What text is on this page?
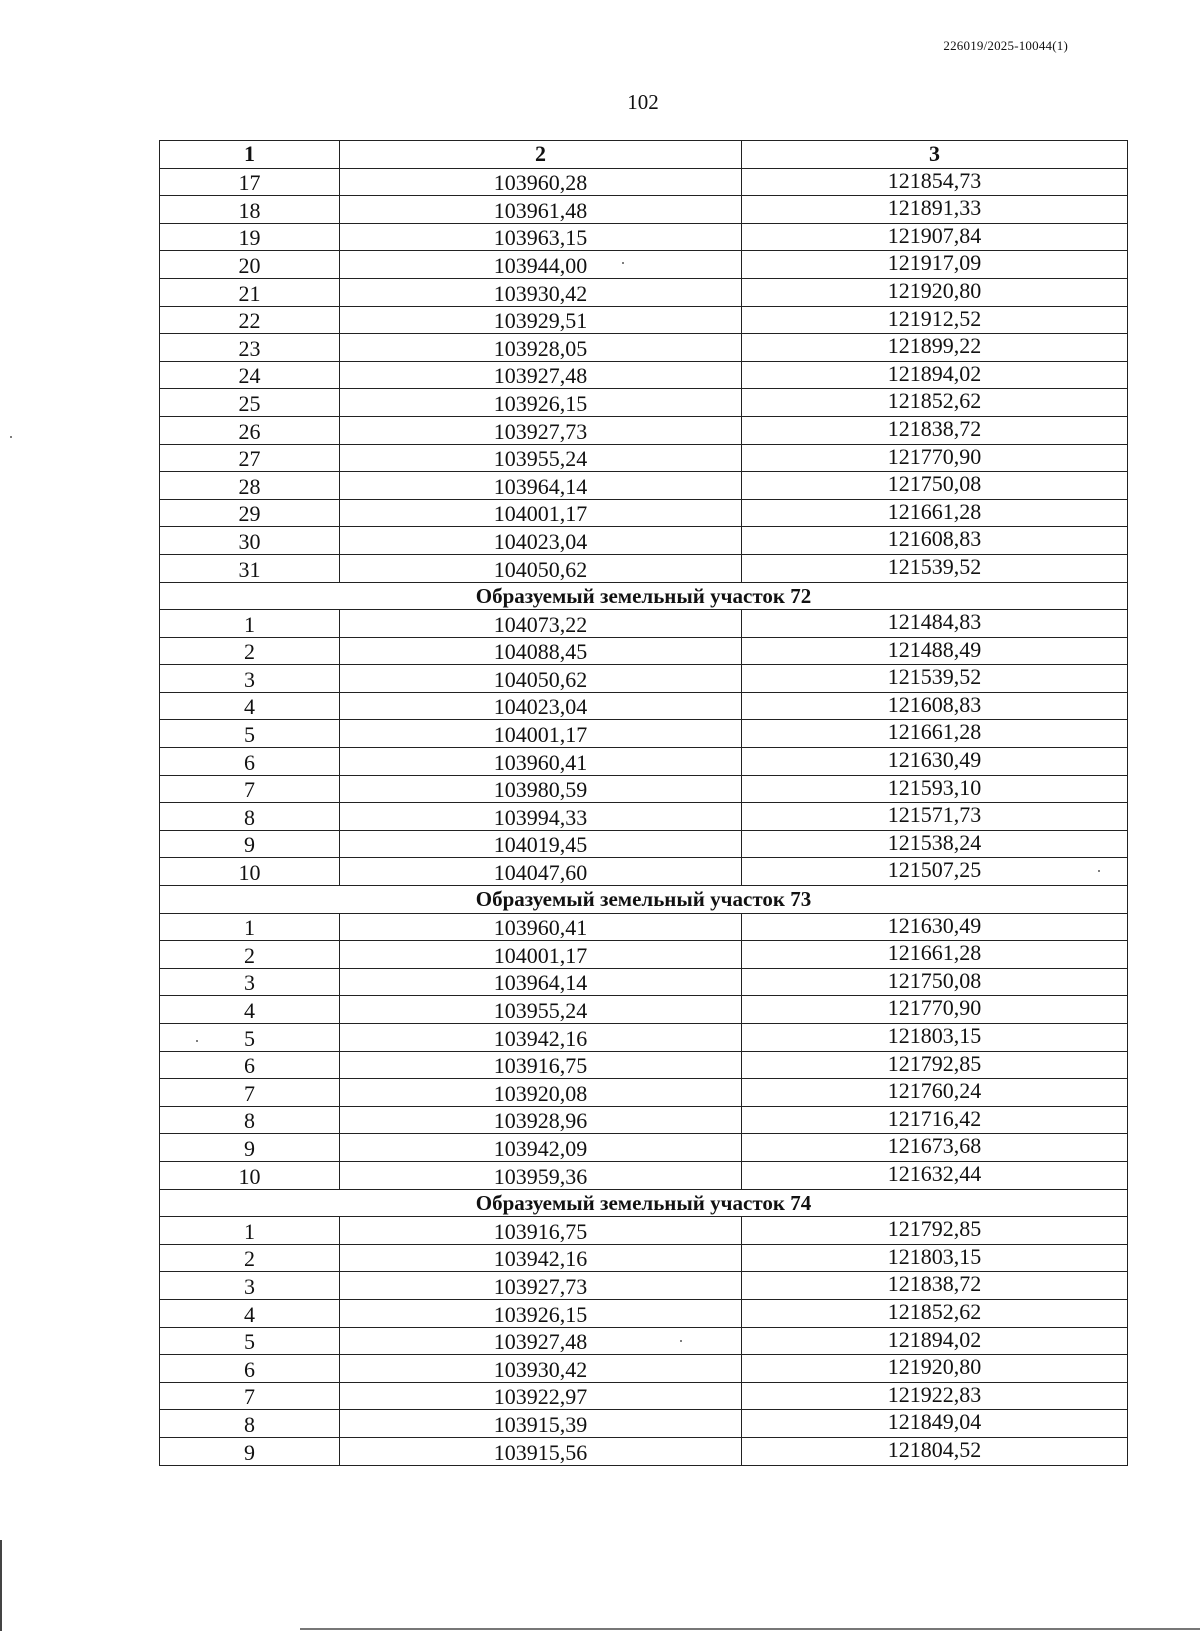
226019/2025-10044(1)
102
1	2	3
17	103960,28	121854,73
18	103961,48	121891,33
19	103963,15	121907,84
20	103944,00	121917,09
21	103930,42	121920,80
22	103929,51	121912,52
23	103928,05	121899,22
24	103927,48	121894,02
25	103926,15	121852,62
26	103927,73	121838,72
27	103955,24	121770,90
28	103964,14	121750,08
29	104001,17	121661,28
30	104023,04	121608,83
31	104050,62	121539,52
Образуемый земельный участок 72		
1	104073,22	121484,83
2	104088,45	121488,49
3	104050,62	121539,52
4	104023,04	121608,83
5	104001,17	121661,28
6	103960,41	121630,49
7	103980,59	121593,10
8	103994,33	121571,73
9	104019,45	121538,24
10	104047,60	121507,25
Образуемый земельный участок 73		
1	103960,41	121630,49
2	104001,17	121661,28
3	103964,14	121750,08
4	103955,24	121770,90
5	103942,16	121803,15
6	103916,75	121792,85
7	103920,08	121760,24
8	103928,96	121716,42
9	103942,09	121673,68
10	103959,36	121632,44
Образуемый земельный участок 74		
1	103916,75	121792,85
2	103942,16	121803,15
3	103927,73	121838,72
4	103926,15	121852,62
5	103927,48	121894,02
6	103930,42	121920,80
7	103922,97	121922,83
8	103915,39	121849,04
9	103915,56	121804,52
